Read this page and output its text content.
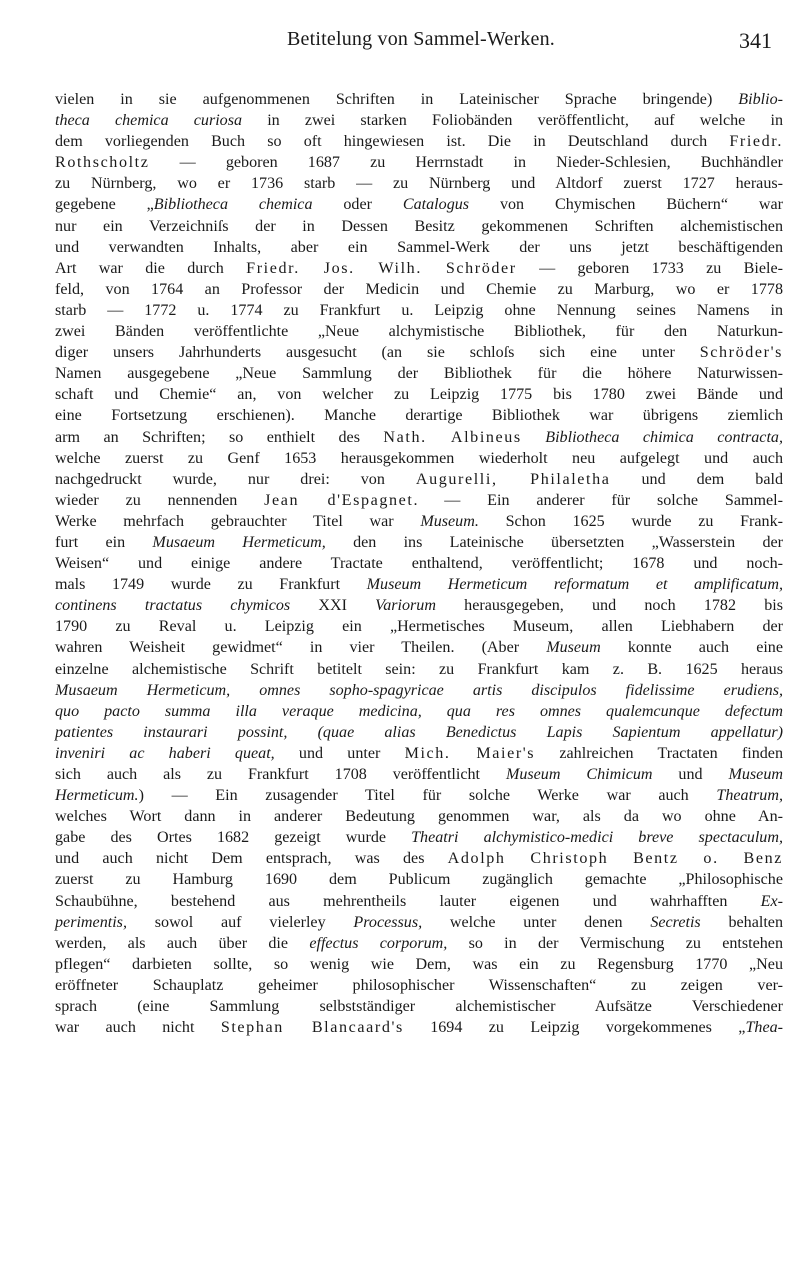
Betitelung von Sammel-Werken.	341
vielen in sie aufgenommenen Schriften in Lateinischer Sprache bringende) Biblio-
theca chemica curiosa in zwei starken Foliobänden veröffentlicht, auf welche in
dem vorliegenden Buch so oft hingewiesen ist. Die in Deutschland durch Friedr.
Rothscholtz — geboren 1687 zu Herrnstadt in Nieder-Schlesien, Buchhändler
zu Nürnberg, wo er 1736 starb — zu Nürnberg und Altdorf zuerst 1727 heraus-
gegebene „Bibliotheca chemica oder Catalogus von Chymischen Büchern“ war
nur ein Verzeichniſs der in Dessen Besitz gekommenen Schriften alchemistischen
und verwandten Inhalts, aber ein Sammel-Werk der uns jetzt beschäftigenden
Art war die durch Friedr. Jos. Wilh. Schröder — geboren 1733 zu Biele-
feld, von 1764 an Professor der Medicin und Chemie zu Marburg, wo er 1778
starb — 1772 u. 1774 zu Frankfurt u. Leipzig ohne Nennung seines Namens in
zwei Bänden veröffentlichte „Neue alchymistische Bibliothek, für den Naturkun-
diger unsers Jahrhunderts ausgesucht (an sie schloſs sich eine unter Schröder's
Namen ausgegebene „Neue Sammlung der Bibliothek für die höhere Naturwissen-
schaft und Chemie“ an, von welcher zu Leipzig 1775 bis 1780 zwei Bände und
eine Fortsetzung erschienen). Manche derartige Bibliothek war übrigens ziemlich
arm an Schriften; so enthielt des Nath. Albineus Bibliotheca chimica contracta,
welche zuerst zu Genf 1653 herausgekommen wiederholt neu aufgelegt und auch
nachgedruckt wurde, nur drei: von Augurelli, Philaletha und dem bald
wieder zu nennenden Jean d'Espagnet. — Ein anderer für solche Sammel-
Werke mehrfach gebrauchter Titel war Museum. Schon 1625 wurde zu Frank-
furt ein Musaeum Hermeticum, den ins Lateinische übersetzten „Wasserstein der
Weisen“ und einige andere Tractate enthaltend, veröffentlicht; 1678 und noch-
mals 1749 wurde zu Frankfurt Museum Hermeticum reformatum et amplificatum,
continens tractatus chymicos XXI Variorum herausgegeben, und noch 1782 bis
1790 zu Reval u. Leipzig ein „Hermetisches Museum, allen Liebhabern der
wahren Weisheit gewidmet“ in vier Theilen. (Aber Museum konnte auch eine
einzelne alchemistische Schrift betitelt sein: zu Frankfurt kam z. B. 1625 heraus
Musaeum Hermeticum, omnes sopho-spagyricae artis discipulos fidelissime erudiens,
quo pacto summa illa veraque medicina, qua res omnes qualemcunque defectum
patientes instaurari possint, (quae alias Benedictus Lapis Sapientum appellatur)
inveniri ac haberi queat, und unter Mich. Maier's zahlreichen Tractaten finden
sich auch als zu Frankfurt 1708 veröffentlicht Museum Chimicum und Museum
Hermeticum.) — Ein zusagender Titel für solche Werke war auch Theatrum,
welches Wort dann in anderer Bedeutung genommen war, als da wo ohne An-
gabe des Ortes 1682 gezeigt wurde Theatri alchymistico-medici breve spectaculum,
und auch nicht Dem entsprach, was des Adolph Christoph Bentz o. Benz
zuerst zu Hamburg 1690 dem Publicum zugänglich gemachte „Philosophische
Schaubühne, bestehend aus mehrentheils lauter eigenen und wahrhafften Ex-
perimentis, sowol auf vielerley Processus, welche unter denen Secretis behalten
werden, als auch über die effectus corporum, so in der Vermischung zu entstehen
pflegen“ darbieten sollte, so wenig wie Dem, was ein zu Regensburg 1770 „Neu
eröffneter Schauplatz geheimer philosophischer Wissenschaften“ zu zeigen ver-
sprach (eine Sammlung selbstständiger alchemistischer Aufsätze Verschiedener
war auch nicht Stephan Blancaard's 1694 zu Leipzig vorgekommenes „Thea-
